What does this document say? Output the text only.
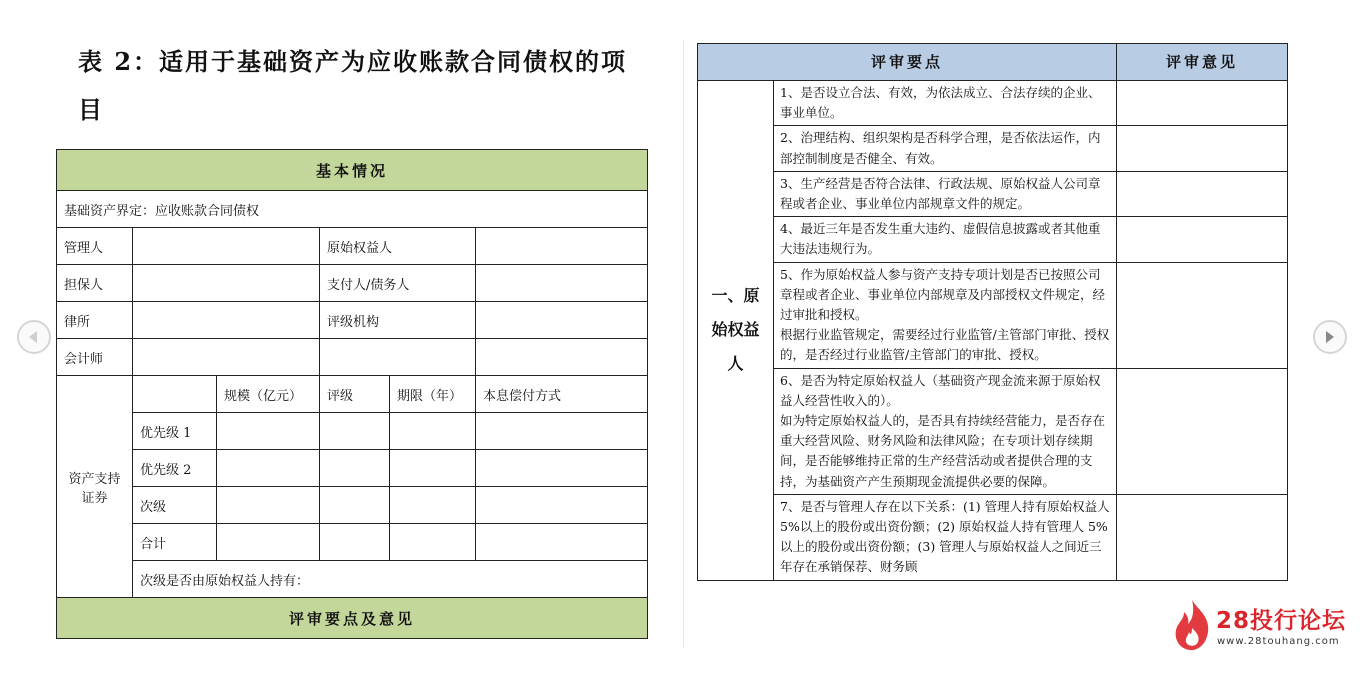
表 2：适用于基础资产为应收账款合同债权的项目
基本情况					
基础资产界定：应收账款合同债权					
管理人			原始权益人		
担保人			支付人/债务人		
律所			评级机构		
会计师					
资产支持证券		规模（亿元）	评级	期限（年）	本息偿付方式
	优先级 1				
	优先级 2				
	次级				
	合计				
	次级是否由原始权益人持有：				
评审要点及意见					
评审要点		评审意见

一、原始权益人	1、是否设立合法、有效，为依法成立、合法存续的企业、事业单位。	
	2、治理结构、组织架构是否科学合理，是否依法运作，内部控制制度是否健全、有效。	
	3、生产经营是否符合法律、行政法规、原始权益人公司章程或者企业、事业单位内部规章文件的规定。	
	4、最近三年是否发生重大违约、虚假信息披露或者其他重大违法违规行为。	
	5、作为原始权益人参与资产支持专项计划是否已按照公司章程或者企业、事业单位内部规章及内部授权文件规定，经过审批和授权。
根据行业监管规定，需要经过行业监管/主管部门审批、授权的，是否经过行业监管/主管部门的审批、授权。	
	6、是否为特定原始权益人（基础资产现金流来源于原始权益人经营性收入的）。
如为特定原始权益人的，是否具有持续经营能力，是否存在重大经营风险、财务风险和法律风险；在专项计划存续期间，是否能够维持正常的生产经营活动或者提供合理的支持，为基础资产产生预期现金流提供必要的保障。	
	7、是否与管理人存在以下关系：(1) 管理人持有原始权益人 5%以上的股份或出资份额；(2) 原始权益人持有管理人 5%以上的股份或出资份额；(3) 管理人与原始权益人之间近三年存在承销保荐、财务顾	
28投行论坛
www.28touhang.com
